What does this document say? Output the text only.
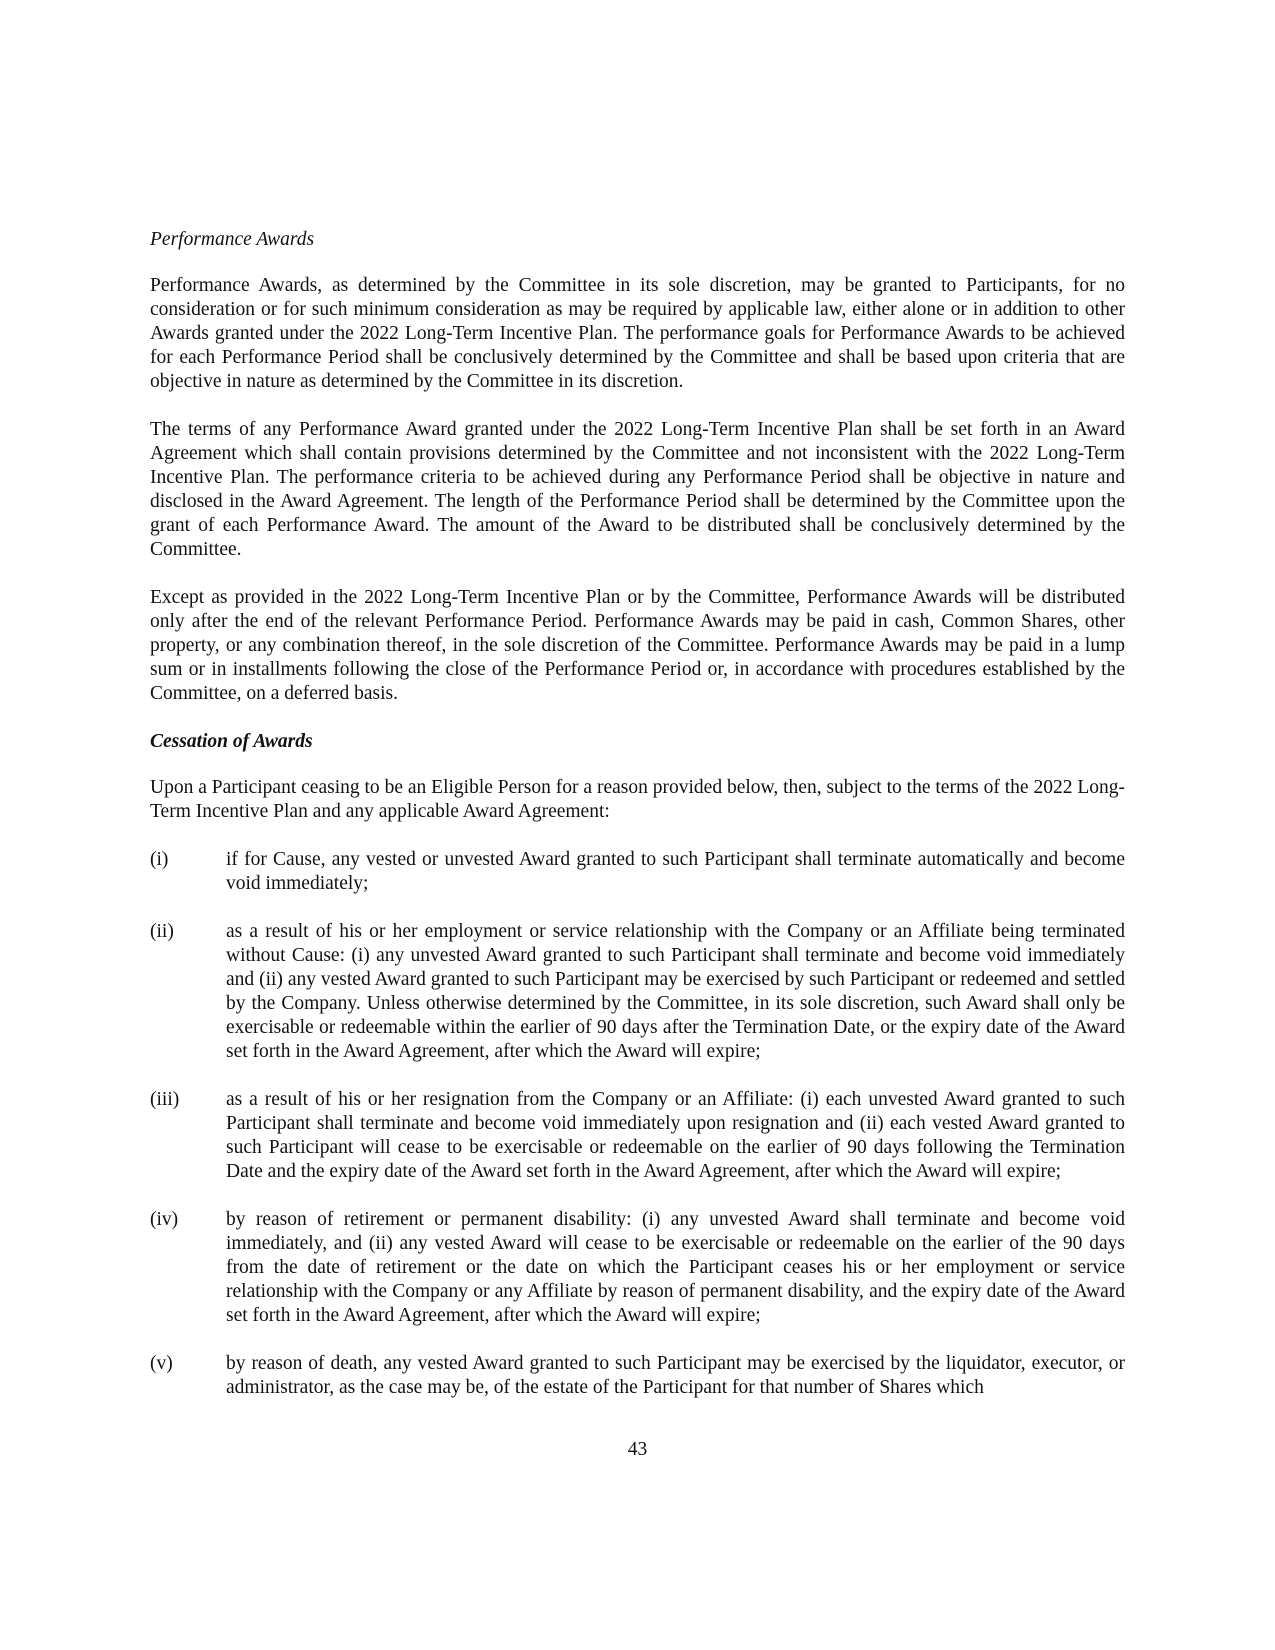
Performance Awards

Performance Awards, as determined by the Committee in its sole discretion, may be granted to Participants, for no consideration or for such minimum consideration as may be required by applicable law, either alone or in addition to other Awards granted under the 2022 Long-Term Incentive Plan. The performance goals for Performance Awards to be achieved for each Performance Period shall be conclusively determined by the Committee and shall be based upon criteria that are objective in nature as determined by the Committee in its discretion.

The terms of any Performance Award granted under the 2022 Long-Term Incentive Plan shall be set forth in an Award Agreement which shall contain provisions determined by the Committee and not inconsistent with the 2022 Long-Term Incentive Plan. The performance criteria to be achieved during any Performance Period shall be objective in nature and disclosed in the Award Agreement. The length of the Performance Period shall be determined by the Committee upon the grant of each Performance Award. The amount of the Award to be distributed shall be conclusively determined by the Committee.

Except as provided in the 2022 Long-Term Incentive Plan or by the Committee, Performance Awards will be distributed only after the end of the relevant Performance Period. Performance Awards may be paid in cash, Common Shares, other property, or any combination thereof, in the sole discretion of the Committee. Performance Awards may be paid in a lump sum or in installments following the close of the Performance Period or, in accordance with procedures established by the Committee, on a deferred basis.

Cessation of Awards

Upon a Participant ceasing to be an Eligible Person for a reason provided below, then, subject to the terms of the 2022 Long-Term Incentive Plan and any applicable Award Agreement:

(i)	if for Cause, any vested or unvested Award granted to such Participant shall terminate automatically and become void immediately;
(ii)	as a result of his or her employment or service relationship with the Company or an Affiliate being terminated without Cause: (i) any unvested Award granted to such Participant shall terminate and become void immediately and (ii) any vested Award granted to such Participant may be exercised by such Participant or redeemed and settled by the Company. Unless otherwise determined by the Committee, in its sole discretion, such Award shall only be exercisable or redeemable within the earlier of 90 days after the Termination Date, or the expiry date of the Award set forth in the Award Agreement, after which the Award will expire;
(iii)	as a result of his or her resignation from the Company or an Affiliate: (i) each unvested Award granted to such Participant shall terminate and become void immediately upon resignation and (ii) each vested Award granted to such Participant will cease to be exercisable or redeemable on the earlier of 90 days following the Termination Date and the expiry date of the Award set forth in the Award Agreement, after which the Award will expire;
(iv)	by reason of retirement or permanent disability: (i) any unvested Award shall terminate and become void immediately, and (ii) any vested Award will cease to be exercisable or redeemable on the earlier of the 90 days from the date of retirement or the date on which the Participant ceases his or her employment or service relationship with the Company or any Affiliate by reason of permanent disability, and the expiry date of the Award set forth in the Award Agreement, after which the Award will expire;
(v)	by reason of death, any vested Award granted to such Participant may be exercised by the liquidator, executor, or administrator, as the case may be, of the estate of the Participant for that number of Shares which
43
